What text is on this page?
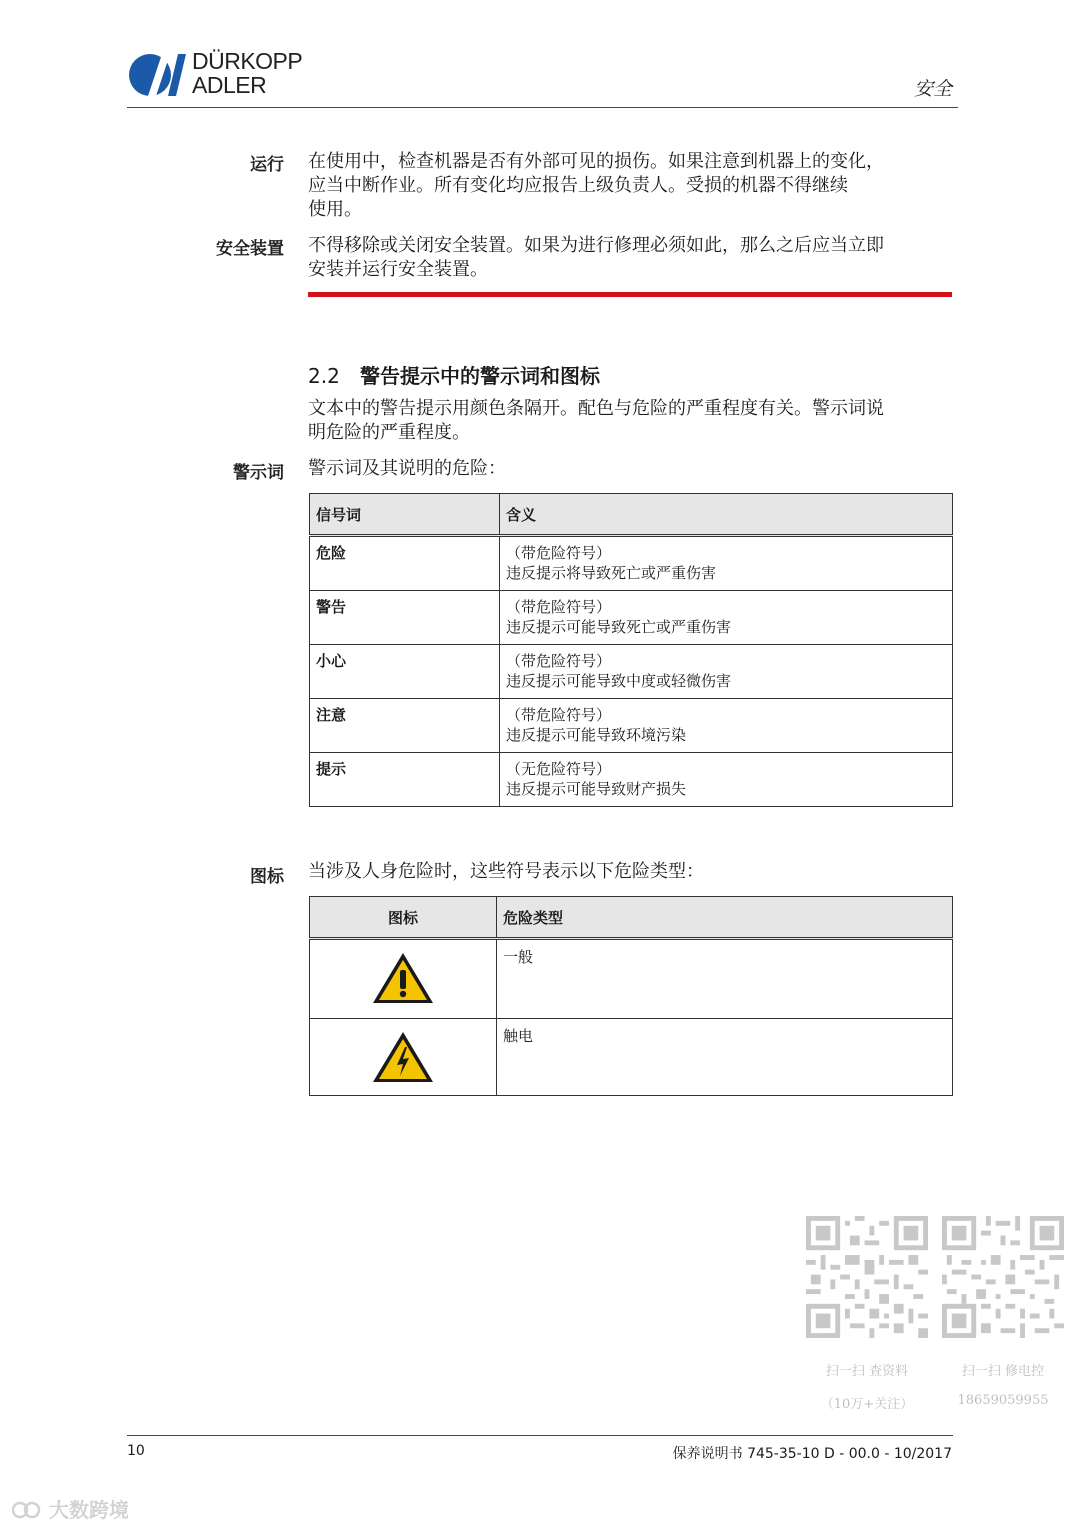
DÜRKOPP
ADLER	安全
运行 在使用中，检查机器是否有外部可见的损伤。如果注意到机器上的变化，
应当中断作业。所有变化均应报告上级负责人。受损的机器不得继续
使用。
安全装置 不得移除或关闭安全装置。如果为进行修理必须如此，那么之后应当立即
安装并运行安全装置。
2.2 警告提示中的警示词和图标
文本中的警告提示用颜色条隔开。配色与危险的严重程度有关。警示词说
明危险的严重程度。
警示词 警示词及其说明的危险：
信号词	含义
危险	（带危险符号）
违反提示将导致死亡或严重伤害

警告	（带危险符号）
违反提示可能导致死亡或严重伤害

小心	（带危险符号）
违反提示可能导致中度或轻微伤害

注意	（带危险符号）
违反提示可能导致环境污染

提示	（无危险符号）
违反提示可能导致财产损失
图标 当涉及人身危险时，这些符号表示以下危险类型：
图标	危险类型
	一般
	触电
扫一扫 查资料
（10万+关注）
扫一扫 修电控
18659059955
10	保养说明书 745-35-10 D - 00.0 - 10/2017
大数跨境
